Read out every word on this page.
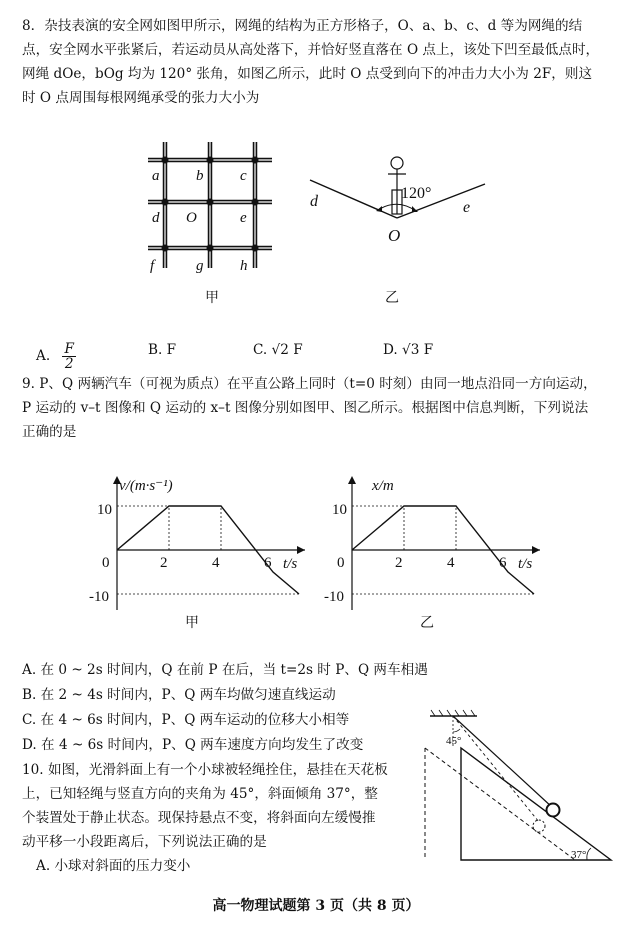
8．杂技表演的安全网如图甲所示，网绳的结构为正方形格子，O、a、b、c、d 等为网绳的结
点，安全网水平张紧后，若运动员从高处落下，并恰好竖直落在 O 点上，该处下凹至最低点时，
网绳 dOe，bOg 均为 120° 张角，如图乙所示，此时 O 点受到向下的冲击力大小为 2F，则这
时 O 点周围每根网绳承受的张力大小为
a b c
d O	e
f	g h
甲
120°
d	e
O
乙
A. $\frac{F}{2}$	B. F	C. √2 F	D. √3 F
9. P、Q 两辆汽车（可视为质点）在平直公路上同时（t=0 时刻）由同一地点沿同一方向运动，
P 运动的 v–t 图像和 Q 运动的 x–t 图像分别如图甲、图乙所示。根据图中信息判断，下列说法
正确的是
v/(m·s⁻¹)
t/s
10
-10
0	2	4	6
甲
x/m
t/s
10
-10
0	2	4	6
乙
A. 在 0 ~ 2s 时间内，Q 在前 P 在后，当 t=2s 时 P、Q 两车相遇
B. 在 2 ~ 4s 时间内，P、Q 两车均做匀速直线运动
C. 在 4 ~ 6s 时间内，P、Q 两车运动的位移大小相等
D. 在 4 ~ 6s 时间内，P、Q 两车速度方向均发生了改变
10. 如图，光滑斜面上有一个小球被轻绳拴住，悬挂在天花板
上，已知轻绳与竖直方向的夹角为 45°，斜面倾角 37°，整
个装置处于静止状态。现保持悬点不变，将斜面向左缓慢推
动平移一小段距离后，下列说法正确的是
A. 小球对斜面的压力变小
45°
37°
高一物理试题第 3 页（共 8 页）
